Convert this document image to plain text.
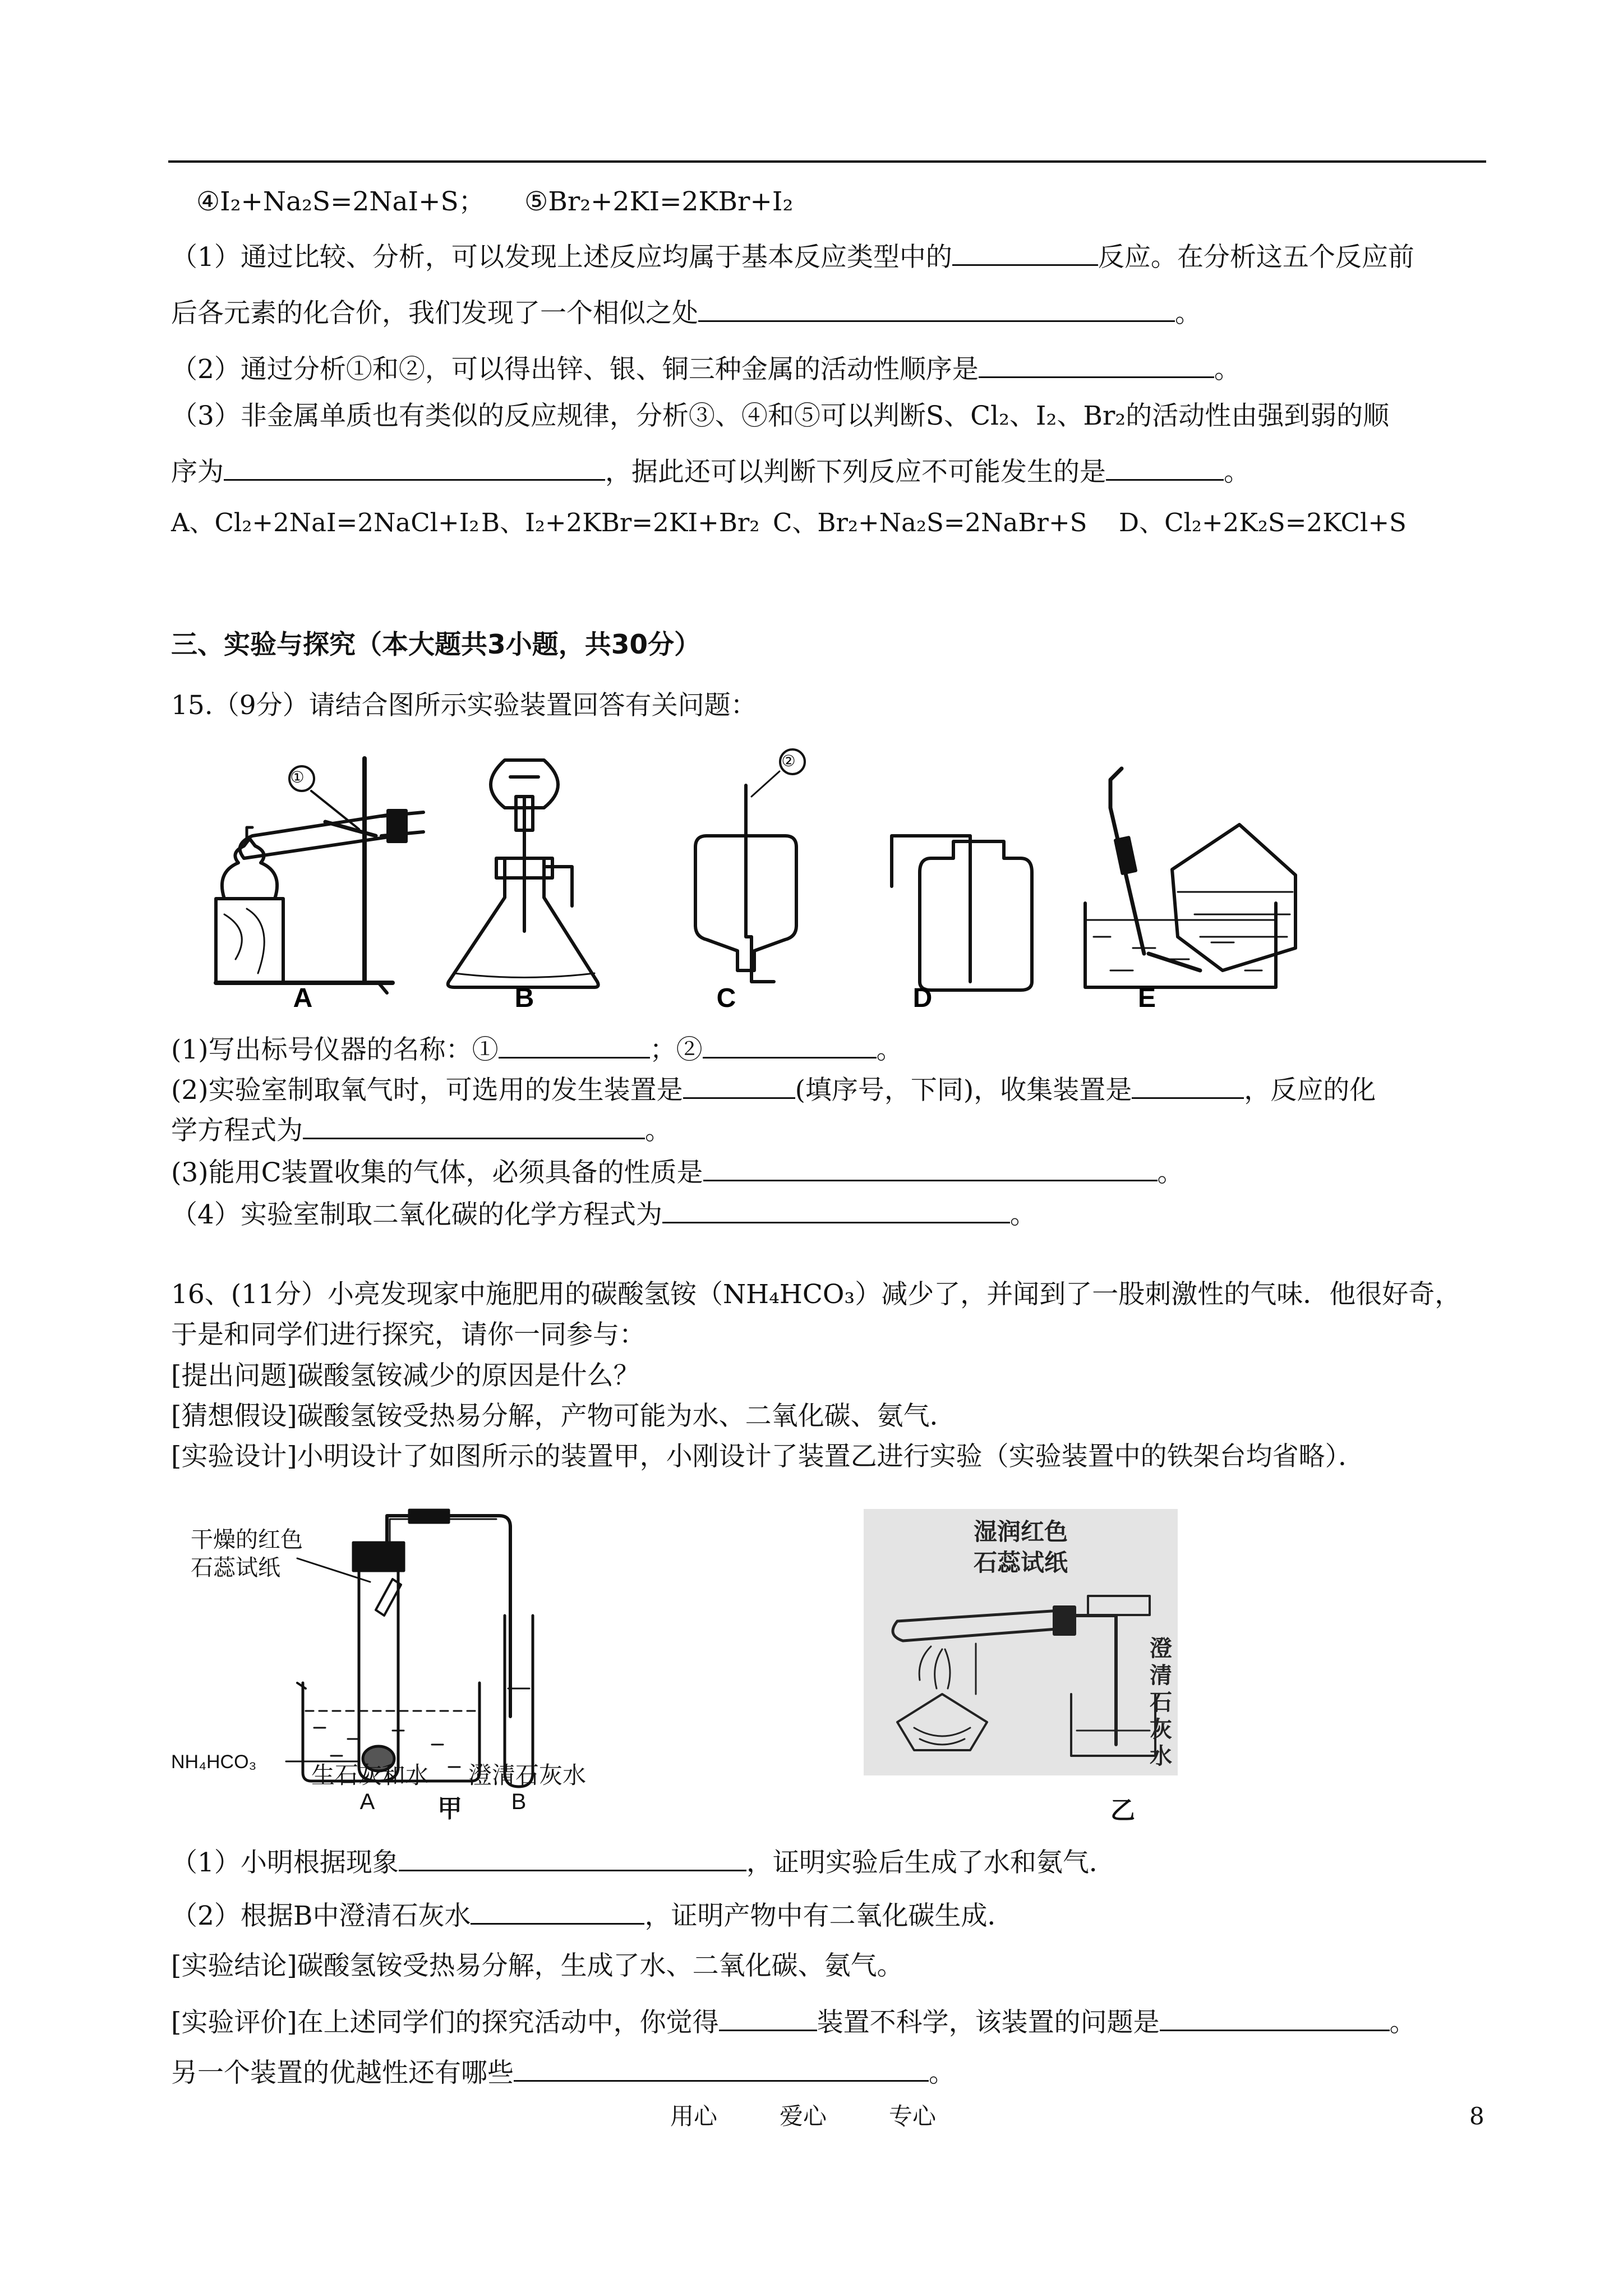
④I₂+Na₂S=2NaI+S；　　⑤Br₂+2KI=2KBr+I₂
（1）通过比较、分析，可以发现上述反应均属于基本反应类型中的	反应。在分析这五个反应前
后各元素的化合价，我们发现了一个相似之处	。
（2）通过分析①和②，可以得出锌、银、铜三种金属的活动性顺序是	。
（3）非金属单质也有类似的反应规律，分析③、④和⑤可以判断S、Cl₂、I₂、Br₂的活动性由强到弱的顺
序为	，据此还可以判断下列反应不可能发生的是	。
A、Cl₂+2NaI=2NaCl+I₂ B、I₂+2KBr=2KI+Br₂ C、Br₂+Na₂S=2NaBr+S D、Cl₂+2K₂S=2KCl+S
三、实验与探究（本大题共3小题，共30分）
15.（9分）请结合图所示实验装置回答有关问题：
①
②
A	B	C	D	E
(1)写出标号仪器的名称：①	；②	。
(2)实验室制取氧气时，可选用的发生装置是	(填序号，下同)，收集装置是	，反应的化
学方程式为	。
(3)能用C装置收集的气体，必须具备的性质是	。
（4）实验室制取二氧化碳的化学方程式为	。
16、(11分）小亮发现家中施肥用的碳酸氢铵（NH₄HCO₃）减少了，并闻到了一股刺激性的气味．他很好奇，
于是和同学们进行探究，请你一同参与：
[提出问题]碳酸氢铵减少的原因是什么？
[猜想假设]碳酸氢铵受热易分解，产物可能为水、二氧化碳、氨气．
[实验设计]小明设计了如图所示的装置甲，小刚设计了装置乙进行实验（实验装置中的铁架台均省略）．
干燥的红色
石蕊试纸
NH₄HCO₃
A	B
生石灰和水 澄清石灰水
甲
湿润红色
石蕊试纸
澄清石灰水
乙
（1）小明根据现象	，证明实验后生成了水和氨气．
（2）根据B中澄清石灰水	，证明产物中有二氧化碳生成．
[实验结论]碳酸氢铵受热易分解，生成了水、二氧化碳、氨气。
[实验评价]在上述同学们的探究活动中，你觉得	装置不科学，该装置的问题是	。
另一个装置的优越性还有哪些	。
用心	爱心	专心	8
